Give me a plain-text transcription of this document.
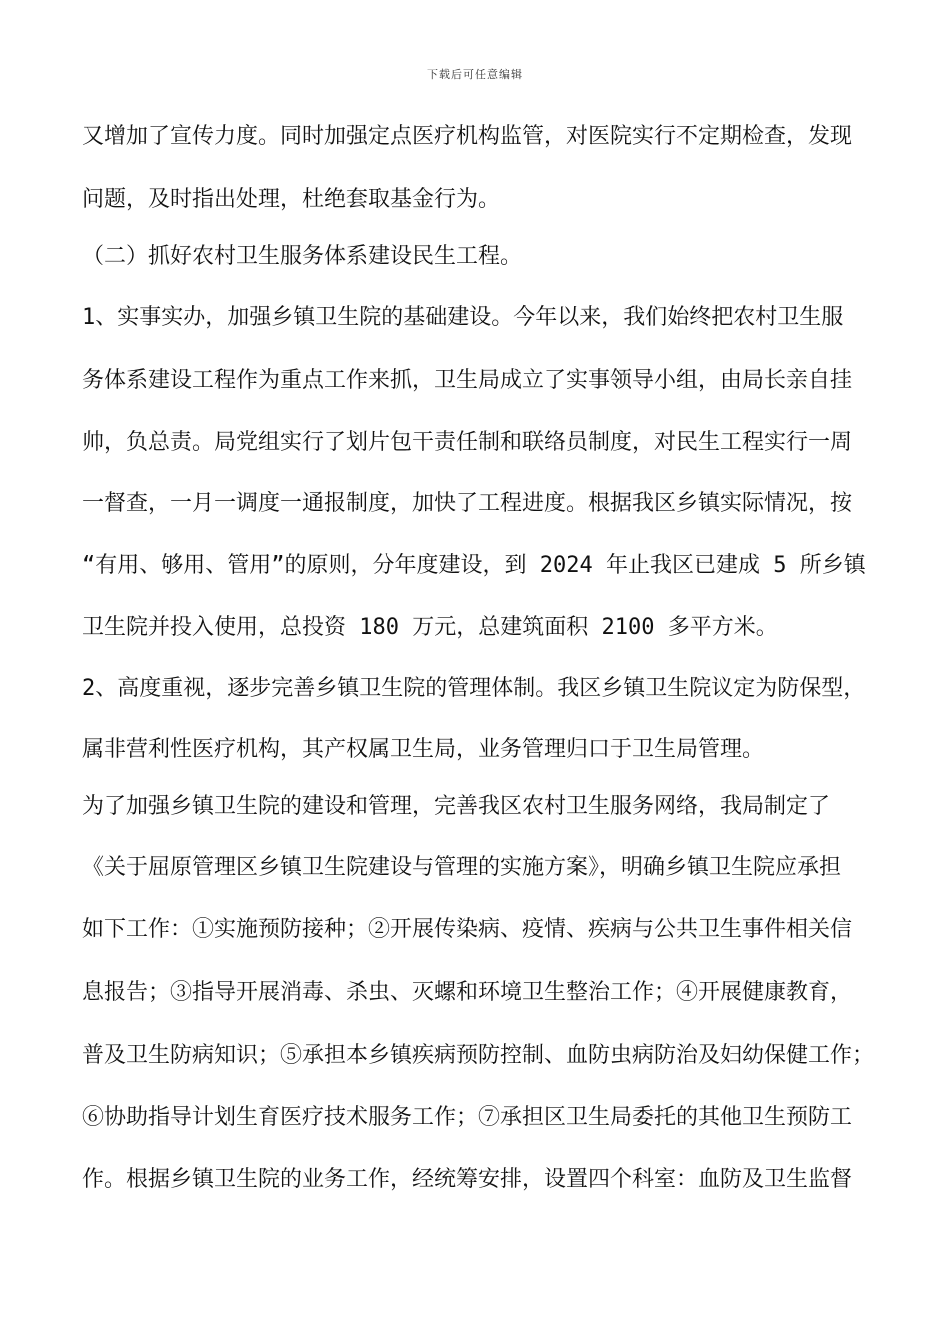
下载后可任意编辑
又增加了宣传力度。同时加强定点医疗机构监管，对医院实行不定期检查，发现
问题，及时指出处理，杜绝套取基金行为。
（二）抓好农村卫生服务体系建设民生工程。
1、实事实办，加强乡镇卫生院的基础建设。今年以来，我们始终把农村卫生服
务体系建设工程作为重点工作来抓，卫生局成立了实事领导小组，由局长亲自挂
帅，负总责。局党组实行了划片包干责任制和联络员制度，对民生工程实行一周
一督查，一月一调度一通报制度，加快了工程进度。根据我区乡镇实际情况，按
“有用、够用、管用”的原则，分年度建设，到 2024 年止我区已建成 5 所乡镇
卫生院并投入使用，总投资 180 万元，总建筑面积 2100 多平方米。
2、高度重视，逐步完善乡镇卫生院的管理体制。我区乡镇卫生院议定为防保型，
属非营利性医疗机构，其产权属卫生局，业务管理归口于卫生局管理。
为了加强乡镇卫生院的建设和管理，完善我区农村卫生服务网络，我局制定了
《关于屈原管理区乡镇卫生院建设与管理的实施方案》，明确乡镇卫生院应承担
如下工作：①实施预防接种；②开展传染病、疫情、疾病与公共卫生事件相关信
息报告；③指导开展消毒、杀虫、灭螺和环境卫生整治工作；④开展健康教育，
普及卫生防病知识；⑤承担本乡镇疾病预防控制、血防虫病防治及妇幼保健工作；
⑥协助指导计划生育医疗技术服务工作；⑦承担区卫生局委托的其他卫生预防工
作。根据乡镇卫生院的业务工作，经统筹安排，设置四个科室：血防及卫生监督
